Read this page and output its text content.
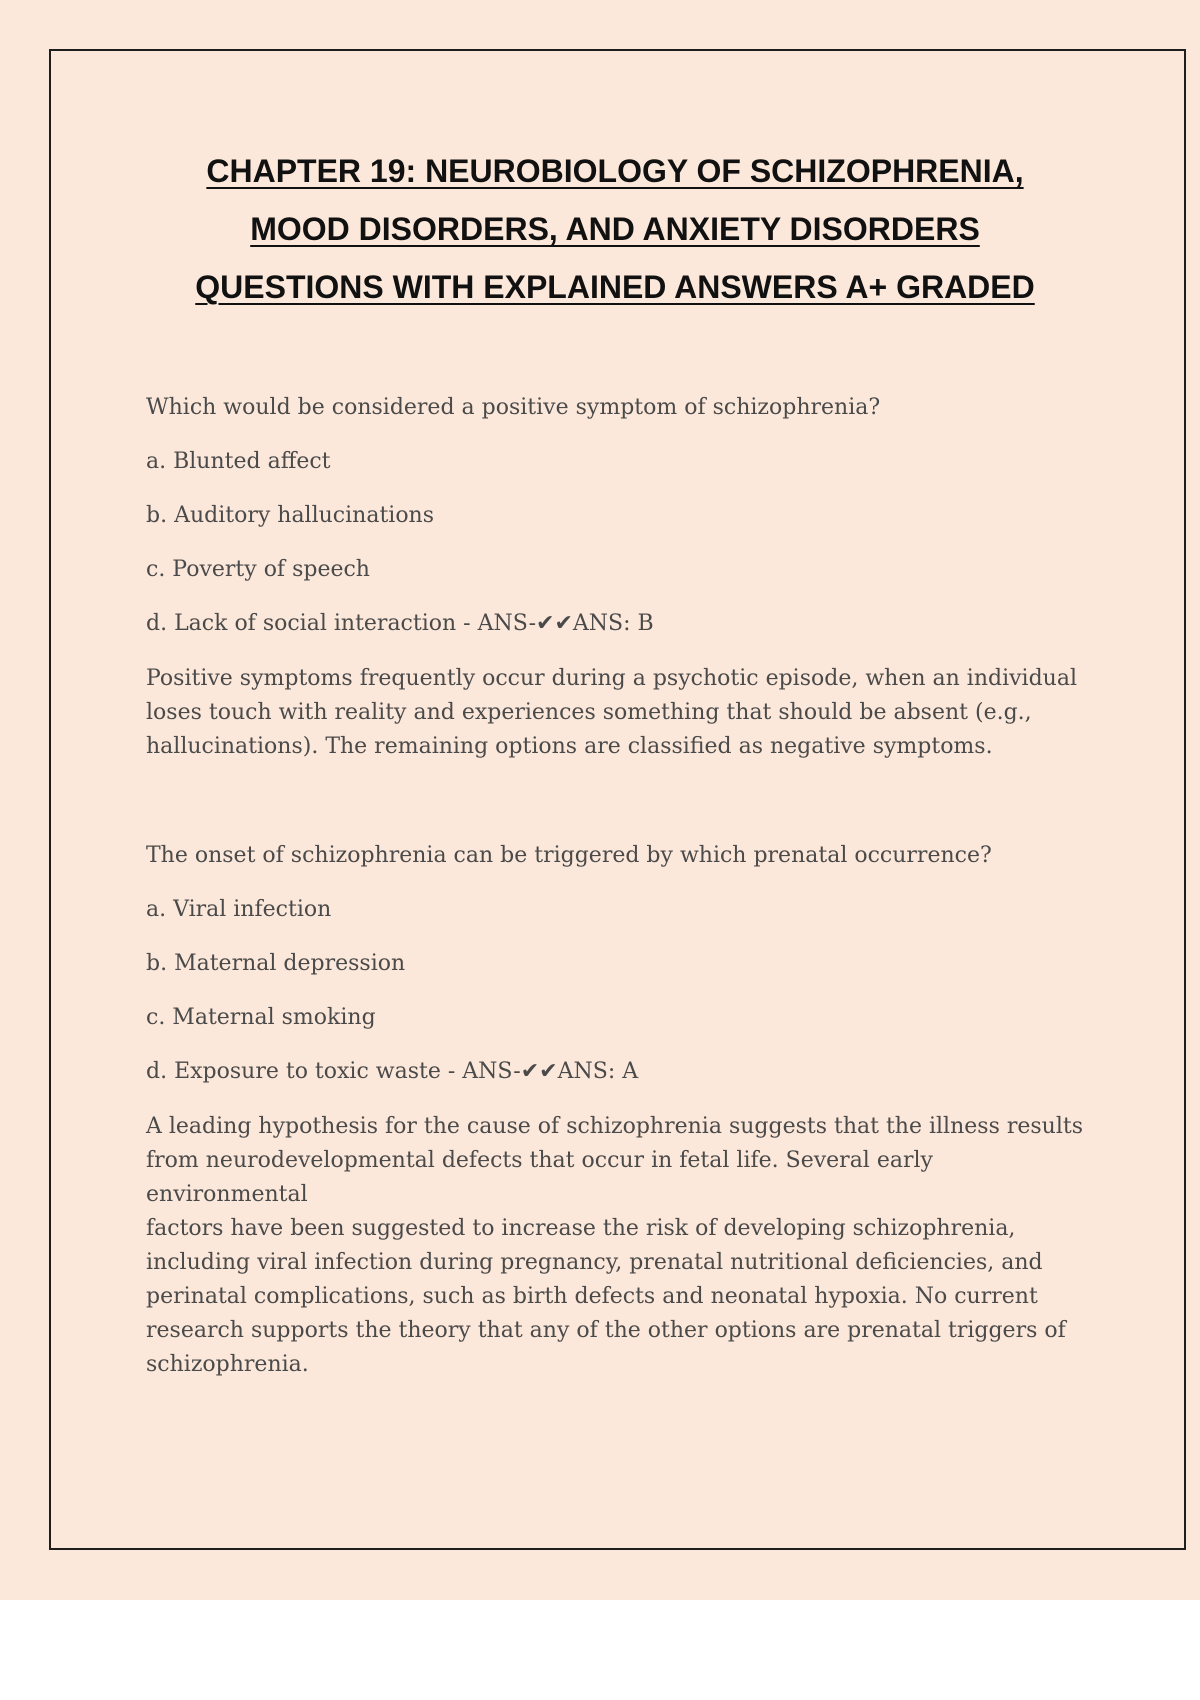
CHAPTER 19: NEUROBIOLOGY OF SCHIZOPHRENIA,
MOOD DISORDERS, AND ANXIETY DISORDERS
QUESTIONS WITH EXPLAINED ANSWERS A+ GRADED

Which would be considered a positive symptom of schizophrenia?

a. Blunted affect

b. Auditory hallucinations

c. Poverty of speech

d. Lack of social interaction - ANS-✔✔ANS: B

Positive symptoms frequently occur during a psychotic episode, when an individual

loses touch with reality and experiences something that should be absent (e.g.,

hallucinations). The remaining options are classified as negative symptoms.

The onset of schizophrenia can be triggered by which prenatal occurrence?

a. Viral infection

b. Maternal depression

c. Maternal smoking

d. Exposure to toxic waste - ANS-✔✔ANS: A

A leading hypothesis for the cause of schizophrenia suggests that the illness results

from neurodevelopmental defects that occur in fetal life. Several early environmental

factors have been suggested to increase the risk of developing schizophrenia,

including viral infection during pregnancy, prenatal nutritional deficiencies, and

perinatal complications, such as birth defects and neonatal hypoxia. No current

research supports the theory that any of the other options are prenatal triggers of

schizophrenia.
